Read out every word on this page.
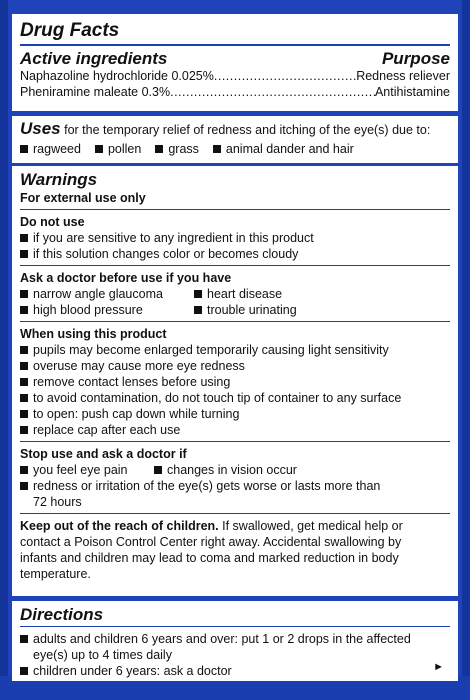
Drug Facts
Active ingredients	Purpose
Naphazoline hydrochloride 0.025% .....	Redness reliever
Pheniramine maleate 0.3% .....	Antihistamine
Uses for the temporary relief of redness and itching of the eye(s) due to:
ragweed	pollen	grass	animal dander and hair
Warnings
For external use only
Do not use
if you are sensitive to any ingredient in this product
if this solution changes color or becomes cloudy
Ask a doctor before use if you have
narrow angle glaucoma	heart disease
high blood pressure	trouble urinating
When using this product
pupils may become enlarged temporarily causing light sensitivity
overuse may cause more eye redness
remove contact lenses before using
to avoid contamination, do not touch tip of container to any surface
to open: push cap down while turning
replace cap after each use
Stop use and ask a doctor if
you feel eye pain	changes in vision occur
redness or irritation of the eye(s) gets worse or lasts more than
72 hours
Keep out of the reach of children. If swallowed, get medical help or
contact a Poison Control Center right away. Accidental swallowing by
infants and children may lead to coma and marked reduction in body
temperature.
Directions
adults and children 6 years and over: put 1 or 2 drops in the affected
eye(s) up to 4 times daily
children under 6 years: ask a doctor	►
